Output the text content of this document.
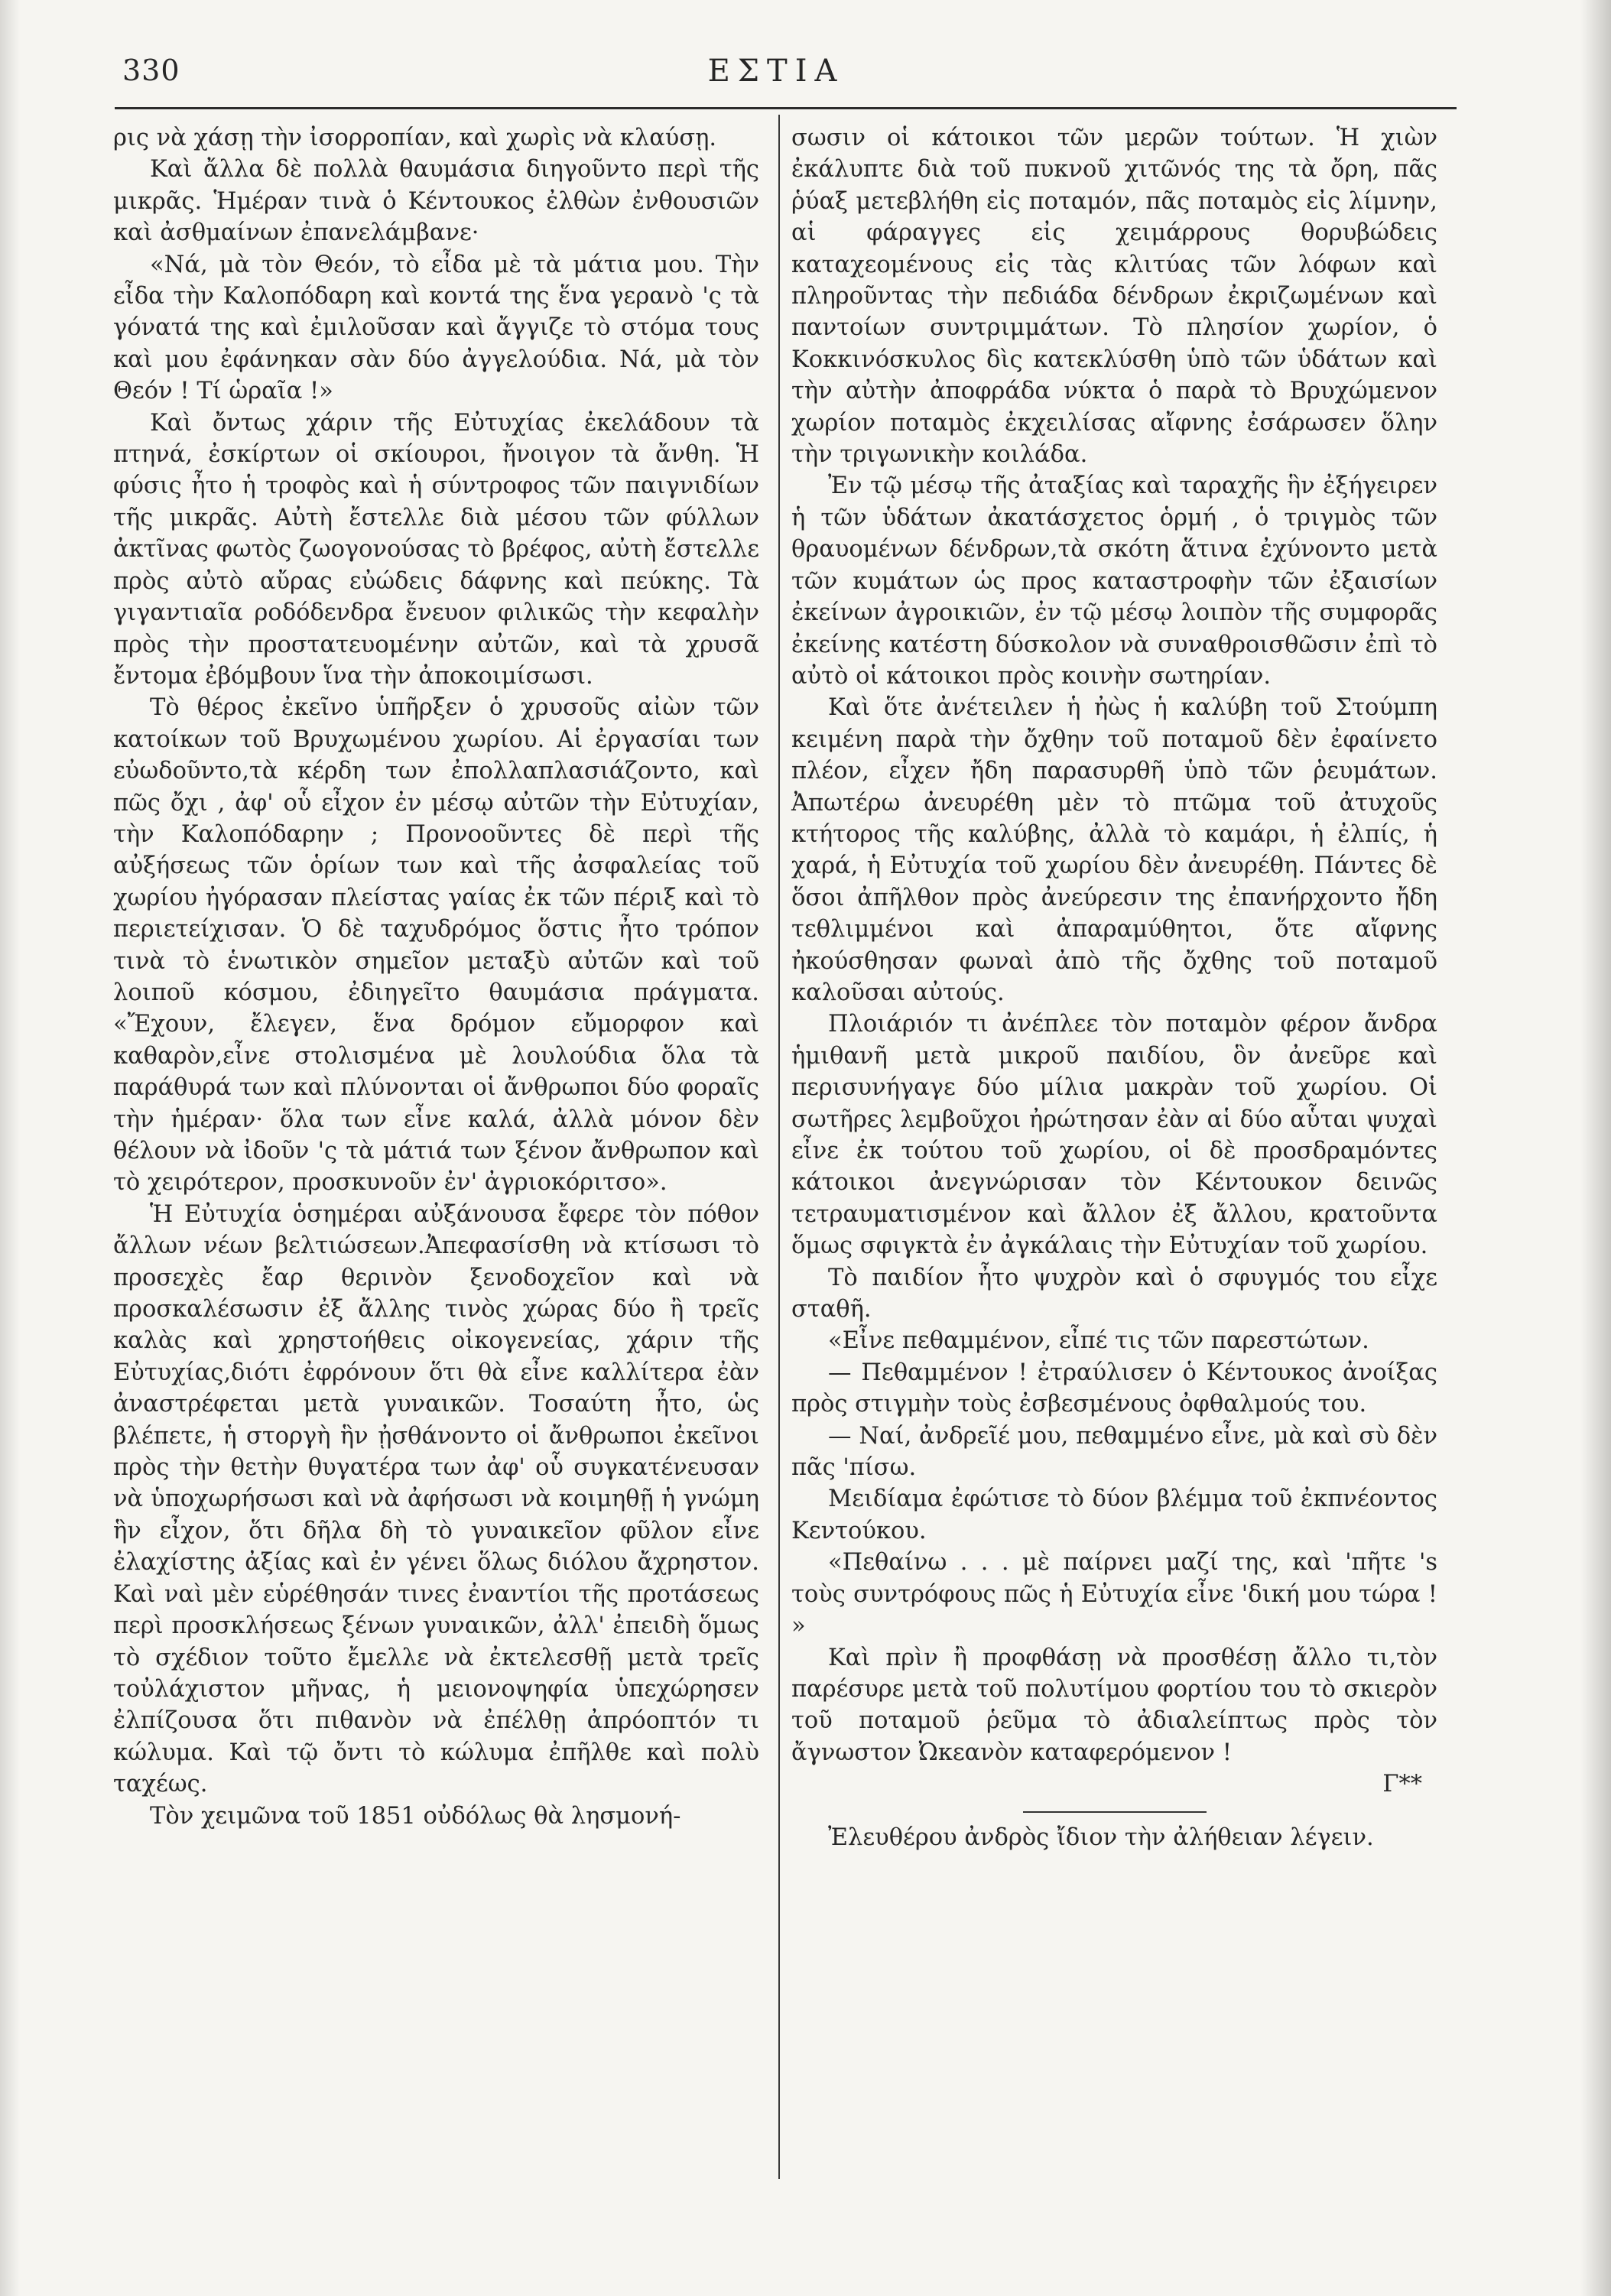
330	ΕΣΤΙΑ

ρις νὰ χάσῃ τὴν ἰσορροπίαν, καὶ χωρὶς νὰ κλαύσῃ.

Καὶ ἄλλα δὲ πολλὰ θαυμάσια διηγοῦντο περὶ τῆς μικρᾶς. Ἡμέραν τινὰ ὁ Κέντουκος ἐλθὼν ἐνθουσιῶν καὶ ἀσθμαίνων ἐπανελάμβανε·

«Νά, μὰ τὸν Θεόν, τὸ εἶδα μὲ τὰ μάτια μου. Τὴν εἶδα τὴν Καλοπόδαρη καὶ κοντά της ἕνα γερανὸ 'ς τὰ γόνατά της καὶ ἐμιλοῦσαν καὶ ἄγγιζε τὸ στόμα τους καὶ μου ἐφάνηκαν σὰν δύο ἀγγελούδια. Νά, μὰ τὸν Θεόν ! Τί ὡραῖα !»

Καὶ ὄντως χάριν τῆς Εὐτυχίας ἐκελάδουν τὰ πτηνά, ἐσκίρτων οἱ σκίουροι, ἤνοιγον τὰ ἄνθη. Ἡ φύσις ἦτο ἡ τροφὸς καὶ ἡ σύντροφος τῶν παιγνιδίων τῆς μικρᾶς. Αὐτὴ ἔστελλε διὰ μέσου τῶν φύλλων ἀκτῖνας φωτὸς ζωογονούσας τὸ βρέφος, αὐτὴ ἔστελλε πρὸς αὐτὸ αὔρας εὐώδεις δάφνης καὶ πεύκης. Τὰ γιγαντιαῖα ροδόδενδρα ἔνευον φιλικῶς τὴν κεφαλὴν πρὸς τὴν προστατευομένην αὐτῶν, καὶ τὰ χρυσᾶ ἔντομα ἐβόμβουν ἵνα τὴν ἀποκοιμίσωσι.

Τὸ θέρος ἐκεῖνο ὑπῆρξεν ὁ χρυσοῦς αἰὼν τῶν κατοίκων τοῦ Βρυχωμένου χωρίου. Αἱ ἐργασίαι των εὐωδοῦντο,τὰ κέρδη των ἐπολλαπλασιάζοντο, καὶ πῶς ὄχι , ἀφ' οὗ εἶχον ἐν μέσῳ αὐτῶν τὴν Εὐτυχίαν, τὴν Καλοπόδαρην ; Προνοοῦντες δὲ περὶ τῆς αὐξήσεως τῶν ὁρίων των καὶ τῆς ἀσφαλείας τοῦ χωρίου ἠγόρασαν πλείστας γαίας ἐκ τῶν πέριξ καὶ τὸ περιετείχισαν. Ὁ δὲ ταχυδρόμος ὅστις ἦτο τρόπον τινὰ τὸ ἑνωτικὸν σημεῖον μεταξὺ αὐτῶν καὶ τοῦ λοιποῦ κόσμου, ἐδιηγεῖτο θαυμάσια πράγματα. «Ἔχουν, ἔλεγεν, ἕνα δρόμον εὔμορφον καὶ καθαρὸν,εἶνε στολισμένα μὲ λουλούδια ὅλα τὰ παράθυρά των καὶ πλύνονται οἱ ἄνθρωποι δύο φοραῖς τὴν ἡμέραν· ὅλα των εἶνε καλά, ἀλλὰ μόνον δὲν θέλουν νὰ ἰδοῦν 'ς τὰ μάτιά των ξένον ἄνθρωπον καὶ τὸ χειρότερον, προσκυνοῦν ἐν' ἀγριοκόριτσο».

Ἡ Εὐτυχία ὁσημέραι αὐξάνουσα ἔφερε τὸν πόθον ἄλλων νέων βελτιώσεων.Ἀπεφασίσθη νὰ κτίσωσι τὸ προσεχὲς ἔαρ θερινὸν ξενοδοχεῖον καὶ νὰ προσκαλέσωσιν ἐξ ἄλλης τινὸς χώρας δύο ἢ τρεῖς καλὰς καὶ χρηστοήθεις οἰκογενείας, χάριν τῆς Εὐτυχίας,διότι ἐφρόνουν ὅτι θὰ εἶνε καλλίτερα ἐὰν ἀναστρέφεται μετὰ γυναικῶν. Τοσαύτη ἦτο, ὡς βλέπετε, ἡ στοργὴ ἣν ᾐσθάνοντο οἱ ἄνθρωποι ἐκεῖνοι πρὸς τὴν θετὴν θυγατέρα των ἀφ' οὗ συγκατένευσαν νὰ ὑποχωρήσωσι καὶ νὰ ἀφήσωσι νὰ κοιμηθῇ ἡ γνώμη ἣν εἶχον, ὅτι δῆλα δὴ τὸ γυναικεῖον φῦλον εἶνε ἐλαχίστης ἀξίας καὶ ἐν γένει ὅλως διόλου ἄχρηστον. Καὶ ναὶ μὲν εὑρέθησάν τινες ἐναντίοι τῆς προτάσεως περὶ προσκλήσεως ξένων γυναικῶν, ἀλλ' ἐπειδὴ ὅμως τὸ σχέδιον τοῦτο ἔμελλε νὰ ἐκτελεσθῇ μετὰ τρεῖς τοὐλάχιστον μῆνας, ἡ μειονοψηφία ὑπεχώρησεν ἐλπίζουσα ὅτι πιθανὸν νὰ ἐπέλθῃ ἀπρόοπτόν τι κώλυμα. Καὶ τῷ ὄντι τὸ κώλυμα ἐπῆλθε καὶ πολὺ ταχέως.

Τὸν χειμῶνα τοῦ 1851 οὐδόλως θὰ λησμονή-

σωσιν οἱ κάτοικοι τῶν μερῶν τούτων. Ἡ χιὼν ἐκάλυπτε διὰ τοῦ πυκνοῦ χιτῶνός της τὰ ὄρη, πᾶς ῥύαξ μετεβλήθη εἰς ποταμόν, πᾶς ποταμὸς εἰς λίμνην, αἱ φάραγγες εἰς χειμάρρους θορυβώδεις καταχεομένους εἰς τὰς κλιτύας τῶν λόφων καὶ πληροῦντας τὴν πεδιάδα δένδρων ἐκριζωμένων καὶ παντοίων συντριμμάτων. Τὸ πλησίον χωρίον, ὁ Κοκκινόσκυλος δὶς κατεκλύσθη ὑπὸ τῶν ὑδάτων καὶ τὴν αὐτὴν ἀποφράδα νύκτα ὁ παρὰ τὸ Βρυχώμενον χωρίον ποταμὸς ἐκχειλίσας αἴφνης ἐσάρωσεν ὅλην τὴν τριγωνικὴν κοιλάδα.

Ἐν τῷ μέσῳ τῆς ἀταξίας καὶ ταραχῆς ἣν ἐξήγειρεν ἡ τῶν ὑδάτων ἀκατάσχετος ὁρμή , ὁ τριγμὸς τῶν θραυομένων δένδρων,τὰ σκότη ἅτινα ἐχύνοντο μετὰ τῶν κυμάτων ὡς προς καταστροφὴν τῶν ἐξαισίων ἐκείνων ἀγροικιῶν, ἐν τῷ μέσῳ λοιπὸν τῆς συμφορᾶς ἐκείνης κατέστη δύσκολον νὰ συναθροισθῶσιν ἐπὶ τὸ αὐτὸ οἱ κάτοικοι πρὸς κοινὴν σωτηρίαν.

Καὶ ὅτε ἀνέτειλεν ἡ ἠὼς ἡ καλύβη τοῦ Στούμπη κειμένη παρὰ τὴν ὄχθην τοῦ ποταμοῦ δὲν ἐφαίνετο πλέον, εἶχεν ἤδη παρασυρθῆ ὑπὸ τῶν ῥευμάτων. Ἀπωτέρω ἀνευρέθη μὲν τὸ πτῶμα τοῦ ἀτυχοῦς κτήτορος τῆς καλύβης, ἀλλὰ τὸ καμάρι, ἡ ἐλπίς, ἡ χαρά, ἡ Εὐτυχία τοῦ χωρίου δὲν ἀνευρέθη. Πάντες δὲ ὅσοι ἀπῆλθον πρὸς ἀνεύρεσιν της ἐπανήρχοντο ἤδη τεθλιμμένοι καὶ ἀπαραμύθητοι, ὅτε αἴφνης ἠκούσθησαν φωναὶ ἀπὸ τῆς ὄχθης τοῦ ποταμοῦ καλοῦσαι αὐτούς.

Πλοιάριόν τι ἀνέπλεε τὸν ποταμὸν φέρον ἄνδρα ἡμιθανῆ μετὰ μικροῦ παιδίου, ὃν ἀνεῦρε καὶ περισυνήγαγε δύο μίλια μακρὰν τοῦ χωρίου. Οἱ σωτῆρες λεμβοῦχοι ἠρώτησαν ἐὰν αἱ δύο αὗται ψυχαὶ εἶνε ἐκ τούτου τοῦ χωρίου, οἱ δὲ προσδραμόντες κάτοικοι ἀνεγνώρισαν τὸν Κέντουκον δεινῶς τετραυματισμένον καὶ ἄλλον ἐξ ἄλλου, κρατοῦντα ὅμως σφιγκτὰ ἐν ἀγκάλαις τὴν Εὐτυχίαν τοῦ χωρίου.

Τὸ παιδίον ἦτο ψυχρὸν καὶ ὁ σφυγμός του εἶχε σταθῆ.

«Εἶνε πεθαμμένον, εἶπέ τις τῶν παρεστώτων.

— Πεθαμμένον ! ἐτραύλισεν ὁ Κέντουκος ἀνοίξας πρὸς στιγμὴν τοὺς ἐσβεσμένους ὀφθαλμούς του.

— Ναί, ἀνδρεῖέ μου, πεθαμμένο εἶνε, μὰ καὶ σὺ δὲν πᾶς 'πίσω.

Μειδίαμα ἐφώτισε τὸ δύον βλέμμα τοῦ ἐκπνέοντος Κεντούκου.

«Πεθαίνω . . . μὲ παίρνει μαζί της, καὶ 'πῆτε 's τοὺς συντρόφους πῶς ἡ Εὐτυχία εἶνε 'δική μου τώρα ! »

Καὶ πρὶν ἢ προφθάσῃ νὰ προσθέσῃ ἄλλο τι,τὸν παρέσυρε μετὰ τοῦ πολυτίμου φορτίου του τὸ σκιερὸν τοῦ ποταμοῦ ῥεῦμα τὸ ἀδιαλείπτως πρὸς τὸν ἄγνωστον Ὠκεανὸν καταφερόμενον !

Γ**

Ἐλευθέρου ἀνδρὸς ἴδιον τὴν ἀλήθειαν λέγειν.
